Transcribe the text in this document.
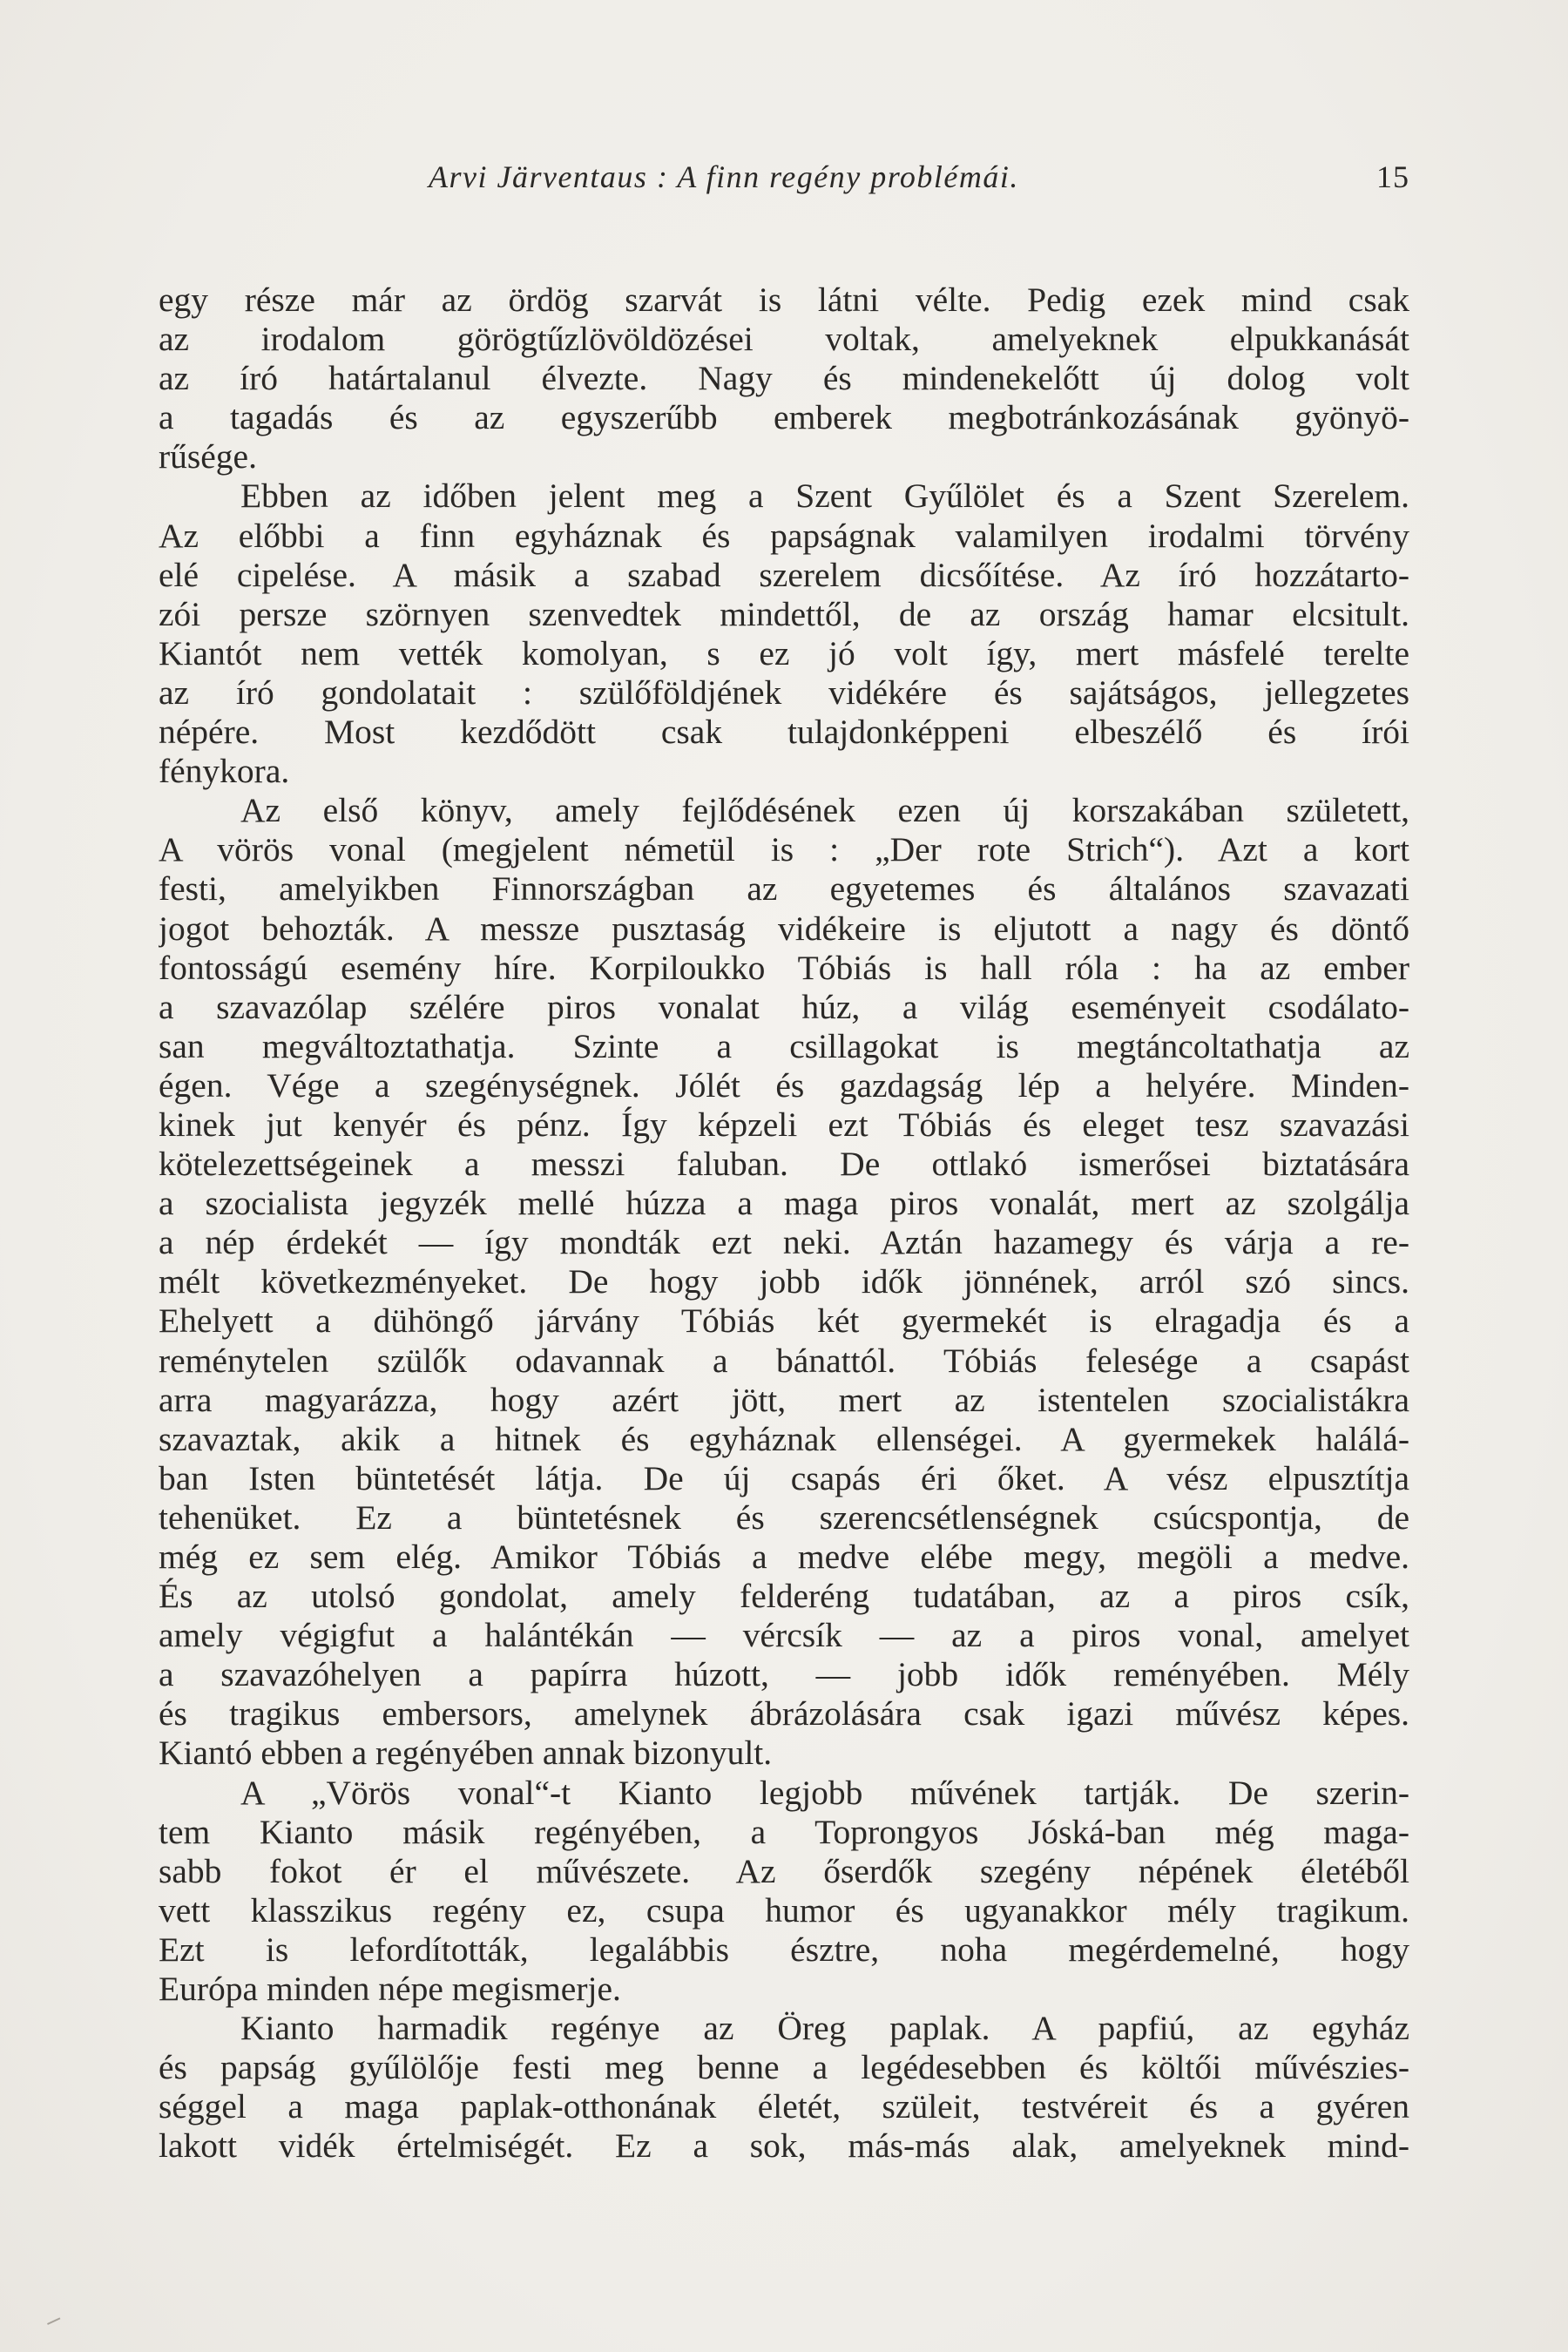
Arvi Järventaus : A finn regény problémái.	15
egy része már az ördög szarvát is látni vélte. Pedig ezek mind csak
az irodalom görögtűzlövöldözései voltak, amelyeknek elpukkanását
az író határtalanul élvezte. Nagy és mindenekelőtt új dolog volt
a tagadás és az egyszerűbb emberek megbotránkozásának gyönyö-
rűsége.
Ebben az időben jelent meg a Szent Gyűlölet és a Szent Szerelem.
Az előbbi a finn egyháznak és papságnak valamilyen irodalmi törvény
elé cipelése. A másik a szabad szerelem dicsőítése. Az író hozzátarto-
zói persze szörnyen szenvedtek mindettől, de az ország hamar elcsitult.
Kiantót nem vették komolyan, s ez jó volt így, mert másfelé terelte
az író gondolatait : szülőföldjének vidékére és sajátságos, jellegzetes
népére. Most kezdődött csak tulajdonképpeni elbeszélő és írói
fénykora.
Az első könyv, amely fejlődésének ezen új korszakában született,
A vörös vonal (megjelent németül is : „Der rote Strich“). Azt a kort
festi, amelyikben Finnországban az egyetemes és általános szavazati
jogot behozták. A messze pusztaság vidékeire is eljutott a nagy és döntő
fontosságú esemény híre. Korpiloukko Tóbiás is hall róla : ha az ember
a szavazólap szélére piros vonalat húz, a világ eseményeit csodálato-
san megváltoztathatja. Szinte a csillagokat is megtáncoltathatja az
égen. Vége a szegénységnek. Jólét és gazdagság lép a helyére. Minden-
kinek jut kenyér és pénz. Így képzeli ezt Tóbiás és eleget tesz szavazási
kötelezettségeinek a messzi faluban. De ottlakó ismerősei biztatására
a szocialista jegyzék mellé húzza a maga piros vonalát, mert az szolgálja
a nép érdekét — így mondták ezt neki. Aztán hazamegy és várja a re-
mélt következményeket. De hogy jobb idők jönnének, arról szó sincs.
Ehelyett a dühöngő járvány Tóbiás két gyermekét is elragadja és a
reménytelen szülők odavannak a bánattól. Tóbiás felesége a csapást
arra magyarázza, hogy azért jött, mert az istentelen szocialistákra
szavaztak, akik a hitnek és egyháznak ellenségei. A gyermekek halálá-
ban Isten büntetését látja. De új csapás éri őket. A vész elpusztítja
tehenüket. Ez a büntetésnek és szerencsétlenségnek csúcspontja, de
még ez sem elég. Amikor Tóbiás a medve elébe megy, megöli a medve.
És az utolsó gondolat, amely felderéng tudatában, az a piros csík,
amely végigfut a halántékán — vércsík — az a piros vonal, amelyet
a szavazóhelyen a papírra húzott, — jobb idők reményében. Mély
és tragikus embersors, amelynek ábrázolására csak igazi művész képes.
Kiantó ebben a regényében annak bizonyult.
A „Vörös vonal“-t Kianto legjobb művének tartják. De szerin-
tem Kianto másik regényében, a Toprongyos Jóská-ban még maga-
sabb fokot ér el művészete. Az őserdők szegény népének életéből
vett klasszikus regény ez, csupa humor és ugyanakkor mély tragikum.
Ezt is lefordították, legalábbis észtre, noha megérdemelné, hogy
Európa minden népe megismerje.
Kianto harmadik regénye az Öreg paplak. A papfiú, az egyház
és papság gyűlölője festi meg benne a legédesebben és költői művészies-
séggel a maga paplak-otthonának életét, szüleit, testvéreit és a gyéren
lakott vidék értelmiségét. Ez a sok, más-más alak, amelyeknek mind-
